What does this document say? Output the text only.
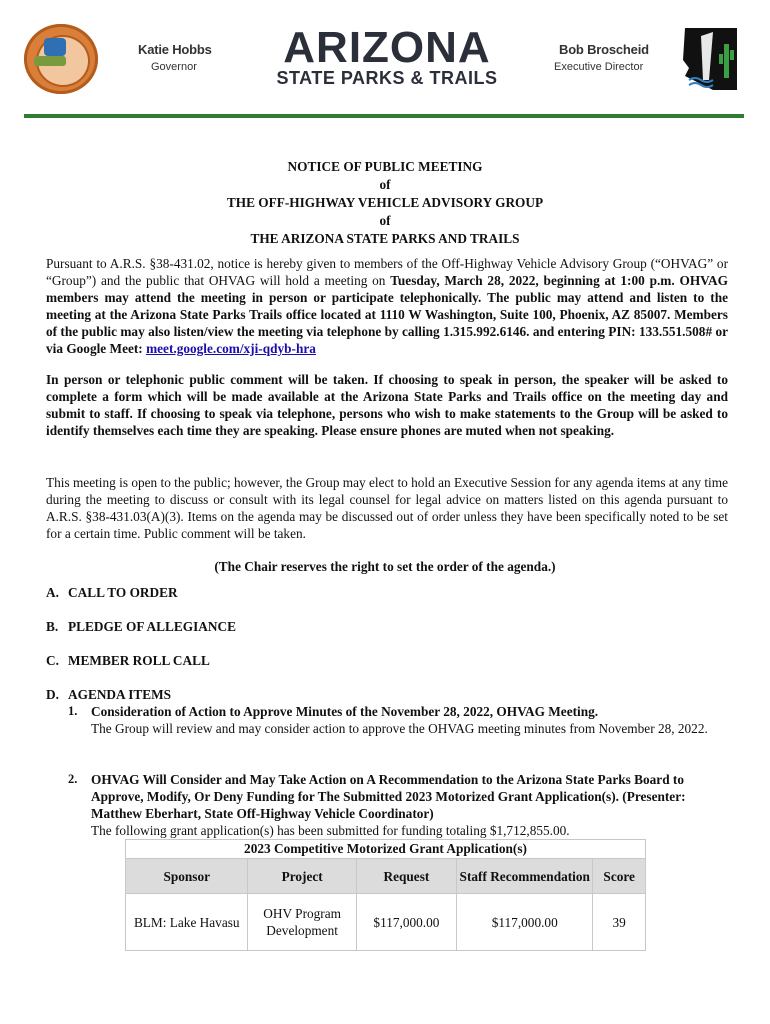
Katie Hobbs
Governor	ARIZONA
STATE PARKS & TRAILS
Bob Broscheid
Executive Director
NOTICE OF PUBLIC MEETING
of
THE OFF-HIGHWAY VEHICLE ADVISORY GROUP
of
THE ARIZONA STATE PARKS AND TRAILS
Pursuant to A.R.S. §38-431.02, notice is hereby given to members of the Off-Highway Vehicle Advisory Group (“OHVAG” or “Group”) and the public that OHVAG will hold a meeting on Tuesday, March 28, 2022, beginning at 1:00 p.m. OHVAG members may attend the meeting in person or participate telephonically. The public may attend and listen to the meeting at the Arizona State Parks Trails office located at 1110 W Washington, Suite 100, Phoenix, AZ 85007. Members of the public may also listen/view the meeting via telephone by calling 1.315.992.6146. and entering PIN: 133.551.508# or via Google Meet: meet.google.com/xji-qdyb-hra
In person or telephonic public comment will be taken. If choosing to speak in person, the speaker will be asked to complete a form which will be made available at the Arizona State Parks and Trails office on the meeting day and submit to staff. If choosing to speak via telephone, persons who wish to make statements to the Group will be asked to identify themselves each time they are speaking. Please ensure phones are muted when not speaking.
This meeting is open to the public; however, the Group may elect to hold an Executive Session for any agenda items at any time during the meeting to discuss or consult with its legal counsel for legal advice on matters listed on this agenda pursuant to A.R.S. §38-431.03(A)(3). Items on the agenda may be discussed out of order unless they have been specifically noted to be set for a certain time. Public comment will be taken.
(The Chair reserves the right to set the order of the agenda.)
A. CALL TO ORDER
B. PLEDGE OF ALLEGIANCE
C. MEMBER ROLL CALL
D. AGENDA ITEMS
1. Consideration of Action to Approve Minutes of the November 28, 2022, OHVAG Meeting.
The Group will review and may consider action to approve the OHVAG meeting minutes from November 28, 2022.
2. OHVAG Will Consider and May Take Action on A Recommendation to the Arizona State Parks Board to Approve, Modify, Or Deny Funding for The Submitted 2023 Motorized Grant Application(s). (Presenter: Matthew Eberhart, State Off-Highway Vehicle Coordinator)
The following grant application(s) has been submitted for funding totaling $1,712,855.00.
2023 Competitive Motorized Grant Application(s)				
Sponsor	Project	Request	Staff Recommendation	Score
BLM: Lake Havasu	OHV Program Development	$117,000.00	$117,000.00	39
